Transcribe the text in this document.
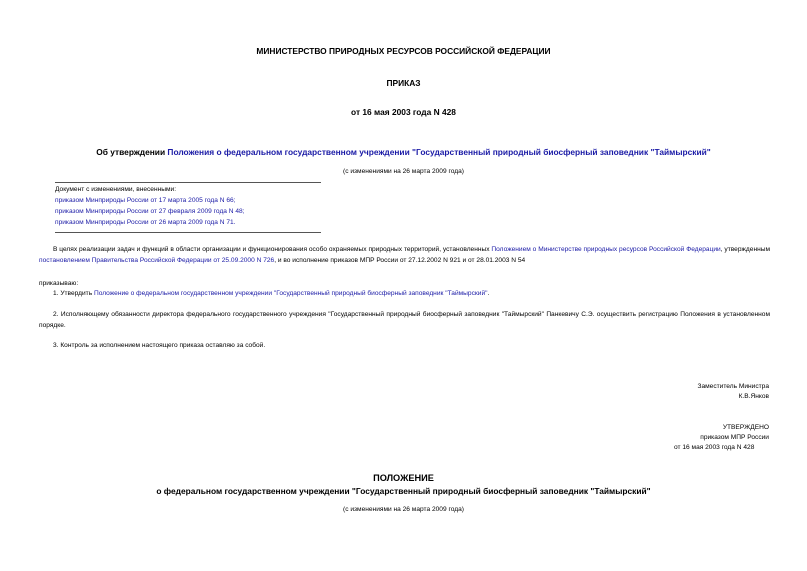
МИНИСТЕРСТВО ПРИРОДНЫХ РЕСУРСОВ РОССИЙСКОЙ ФЕДЕРАЦИИ
ПРИКАЗ
от 16 мая 2003 года N 428
Об утверждении Положения о федеральном государственном учреждении "Государственный природный биосферный заповедник "Таймырский"
(с изменениями на 26 марта 2009 года)

Документ с изменениями, внесенными:

приказом Минприроды России от 17 марта 2005 года N 66;

приказом Минприроды России от 27 февраля 2009 года N 48;

приказом Минприроды России от 26 марта 2009 года N 71.

В целях реализации задач и функций в области организации и функционирования особо охраняемых природных территорий, установленных Положением о Министерстве природных ресурсов Российской Федерации, утвержденным постановлением Правительства Российской Федерации от 25.09.2000 N 726, и во исполнение приказов МПР России от 27.12.2002 N 921 и от 28.01.2003 N 54
приказываю:
1. Утвердить Положение о федеральном государственном учреждении "Государственный природный биосферный заповедник "Таймырский".
2. Исполняющему обязанности директора федерального государственного учреждения "Государственный природный биосферный заповедник "Таймырский" Панкевичу С.Э. осуществить регистрацию Положения в установленном порядке.
3. Контроль за исполнением настоящего приказа оставляю за собой.
Заместитель Министра
К.В.Янков
УТВЕРЖДЕНО
приказом МПР России
от 16 мая 2003 года N 428
ПОЛОЖЕНИЕ
о федеральном государственном учреждении "Государственный природный биосферный заповедник "Таймырский"
(с изменениями на 26 марта 2009 года)
